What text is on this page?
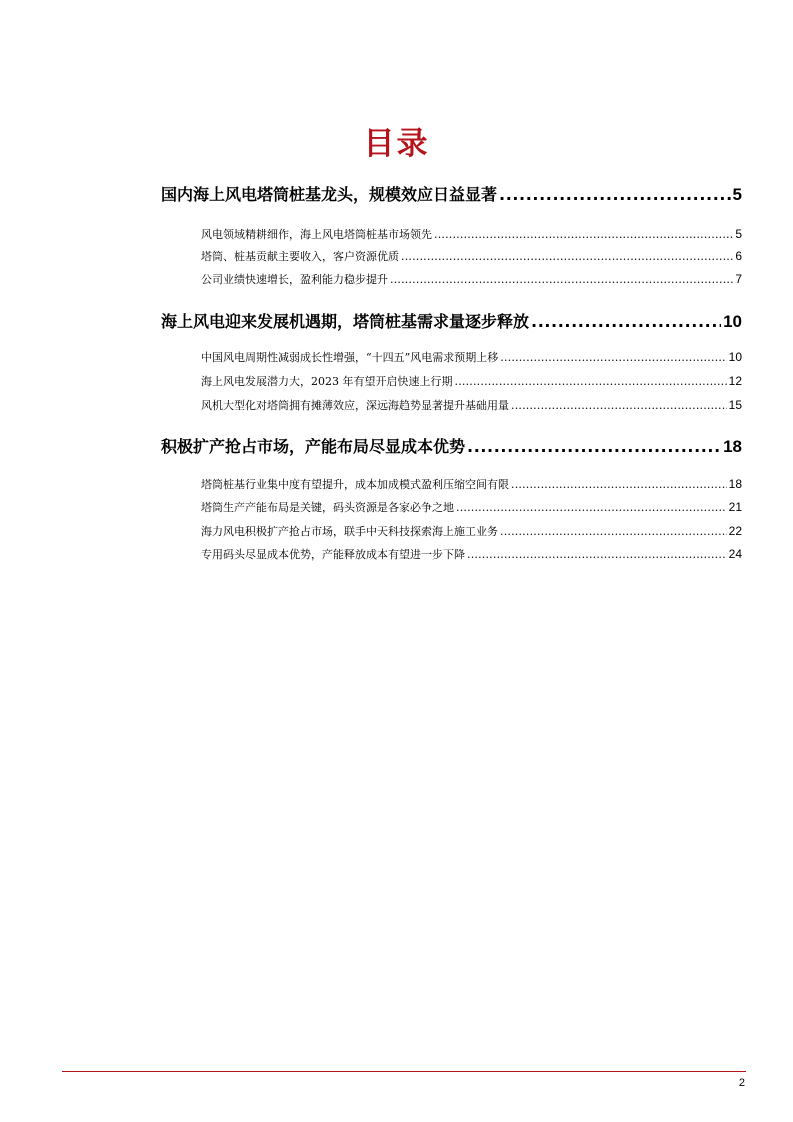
目录
国内海上风电塔筒桩基龙头，规模效应日益显著 .....	5
风电领域精耕细作，海上风电塔筒桩基市场领先 .....	5
塔筒、桩基贡献主要收入，客户资源优质 .....	6
公司业绩快速增长，盈利能力稳步提升 .....	7
海上风电迎来发展机遇期，塔筒桩基需求量逐步释放 .....	10
中国风电周期性减弱成长性增强，“十四五”风电需求预期上移 .....	10
海上风电发展潜力大，2023 年有望开启快速上行期 .....	12
风机大型化对塔筒拥有摊薄效应，深远海趋势显著提升基础用量 .....	15
积极扩产抢占市场，产能布局尽显成本优势 .....	18
塔筒桩基行业集中度有望提升，成本加成模式盈利压缩空间有限 .....	18
塔筒生产产能布局是关键，码头资源是各家必争之地 .....	21
海力风电积极扩产抢占市场，联手中天科技探索海上施工业务 .....	22
专用码头尽显成本优势，产能释放成本有望进一步下降 .....	24
2
